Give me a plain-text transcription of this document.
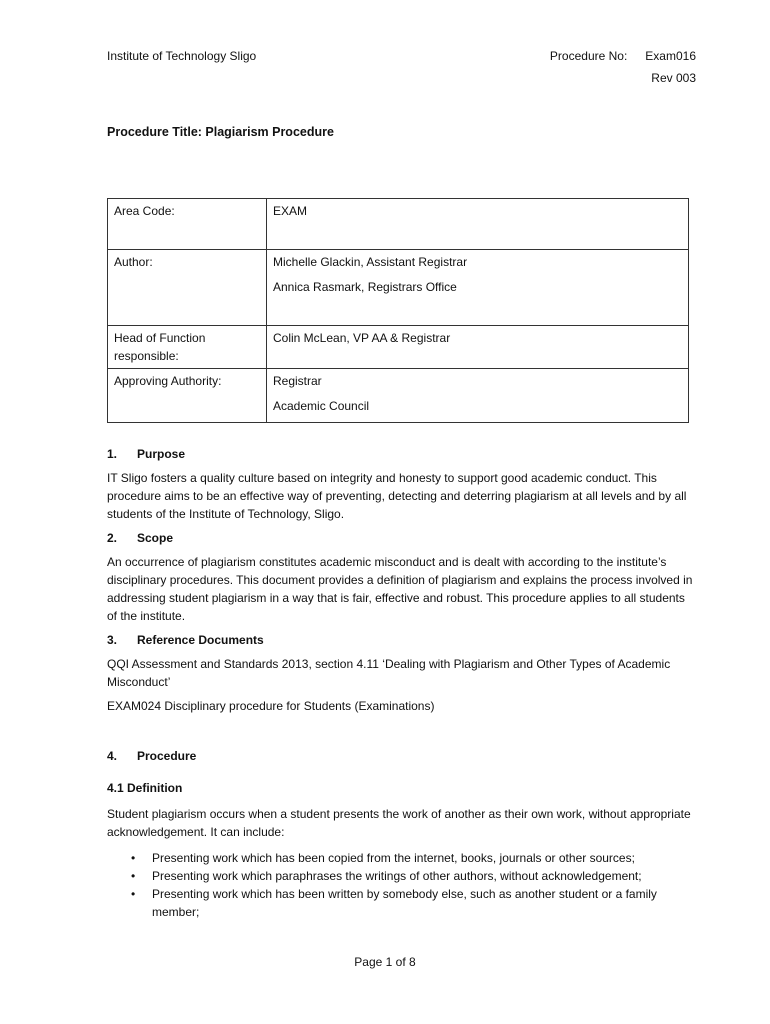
Institute of Technology Sligo	Procedure No: Exam016
Rev 003
Procedure Title: Plagiarism Procedure
Area Code:	EXAM
Author:	Michelle Glackin, Assistant Registrar

Annica Rasmark, Registrars Office

Head of Function responsible:	Colin McLean, VP AA & Registrar
Approving Authority:	Registrar

Academic Council

1. Purpose

IT Sligo fosters a quality culture based on integrity and honesty to support good academic conduct. This procedure aims to be an effective way of preventing, detecting and deterring plagiarism at all levels and by all students of the Institute of Technology, Sligo.

2. Scope

An occurrence of plagiarism constitutes academic misconduct and is dealt with according to the institute’s disciplinary procedures. This document provides a definition of plagiarism and explains the process involved in addressing student plagiarism in a way that is fair, effective and robust. This procedure applies to all students of the institute.

3. Reference Documents

QQI Assessment and Standards 2013, section 4.11 ‘Dealing with Plagiarism and Other Types of Academic Misconduct’

EXAM024 Disciplinary procedure for Students (Examinations)

4. Procedure
4.1 Definition

Student plagiarism occurs when a student presents the work of another as their own work, without appropriate acknowledgement. It can include:

• Presenting work which has been copied from the internet, books, journals or other sources;
• Presenting work which paraphrases the writings of other authors, without acknowledgement;
• Presenting work which has been written by somebody else, such as another student or a family member;
Page 1 of 8
